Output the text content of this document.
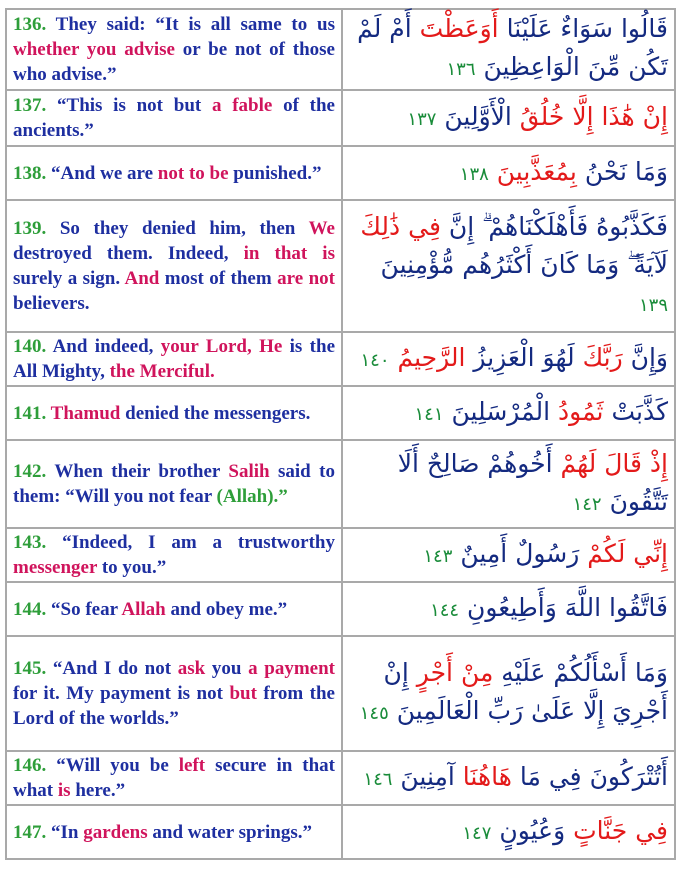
136. They said: “It is all same to us whether you advise or be not of those who advise.”	قَالُوا سَوَاءٌ عَلَيْنَا أَوَعَظْتَ أَمْ لَمْ تَكُن مِّنَ الْوَاعِظِينَ ١٣٦
137. “This is not but a fable of the ancients.”	إِنْ هَٰذَا إِلَّا خُلُقُ الْأَوَّلِينَ ١٣٧
138. “And we are not to be punished.”	وَمَا نَحْنُ بِمُعَذَّبِينَ ١٣٨
139. So they denied him, then We destroyed them. Indeed, in that is surely a sign. And most of them are not believers.	فَكَذَّبُوهُ فَأَهْلَكْنَاهُمْ ۗ إِنَّ فِي ذَٰلِكَ لَآيَةً ۖ وَمَا كَانَ أَكْثَرُهُم مُّؤْمِنِينَ ١٣٩
140. And indeed, your Lord, He is the All Mighty, the Merciful.	وَإِنَّ رَبَّكَ لَهُوَ الْعَزِيزُ الرَّحِيمُ ١٤٠
141. Thamud denied the messengers.	كَذَّبَتْ ثَمُودُ الْمُرْسَلِينَ ١٤١
142. When their brother Salih said to them: “Will you not fear (Allah).”	إِذْ قَالَ لَهُمْ أَخُوهُمْ صَالِحٌ أَلَا تَتَّقُونَ ١٤٢
143. “Indeed, I am a trustworthy messenger to you.”	إِنِّي لَكُمْ رَسُولٌ أَمِينٌ ١٤٣
144. “So fear Allah and obey me.”	فَاتَّقُوا اللَّهَ وَأَطِيعُونِ ١٤٤
145. “And I do not ask you a payment for it. My payment is not but from the Lord of the worlds.”	وَمَا أَسْأَلُكُمْ عَلَيْهِ مِنْ أَجْرٍ إِنْ أَجْرِيَ إِلَّا عَلَىٰ رَبِّ الْعَالَمِينَ ١٤٥
146. “Will you be left secure in that what is here.”	أَتُتْرَكُونَ فِي مَا هَاهُنَا آمِنِينَ ١٤٦
147. “In gardens and water springs.”	فِي جَنَّاتٍ وَعُيُونٍ ١٤٧
